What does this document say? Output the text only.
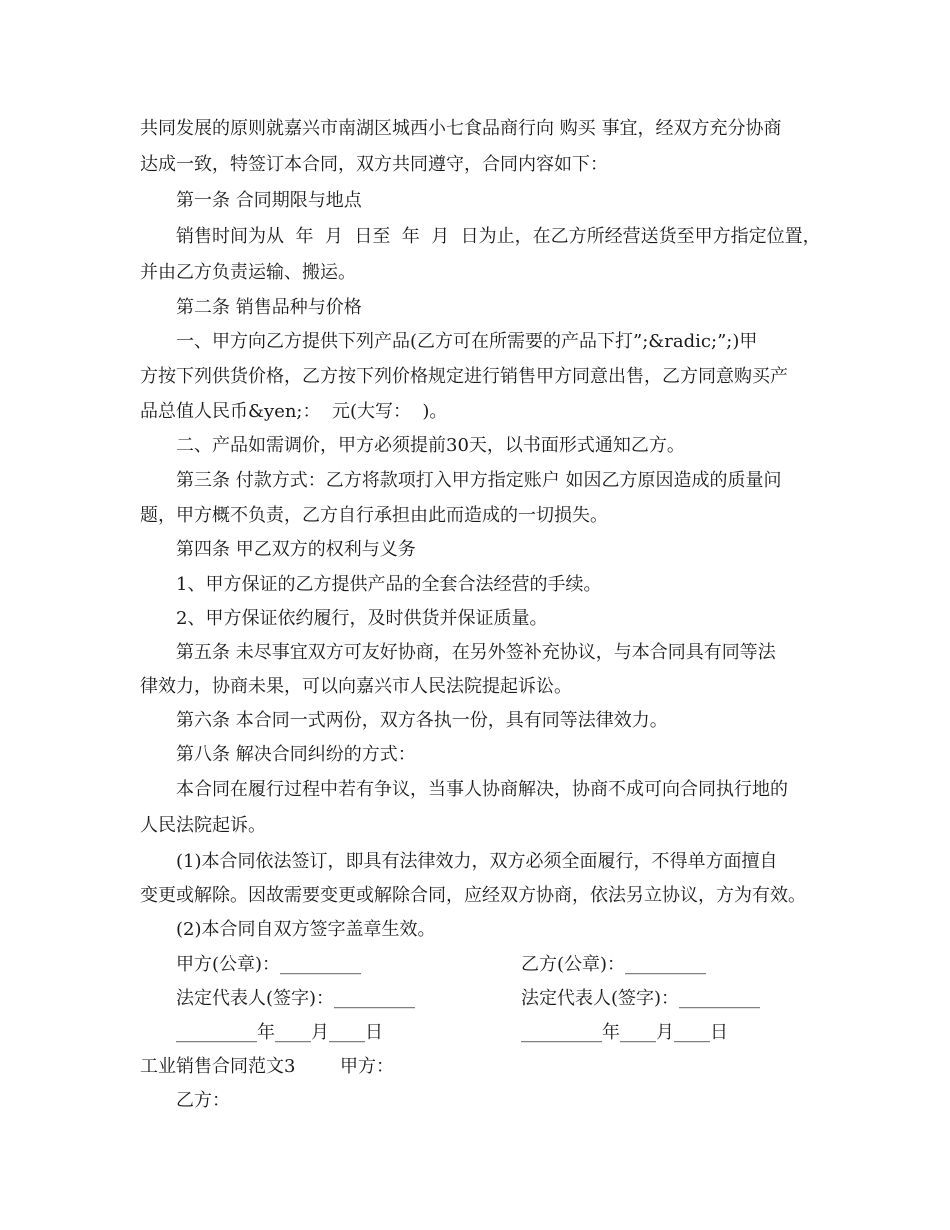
共同发展的原则就嘉兴市南湖区城西小七食品商行向 购买 事宜，经双方充分协商
达成一致，特签订本合同，双方共同遵守，合同内容如下：
第一条 合同期限与地点
销售时间为从  年  月  日至  年  月  日为止，在乙方所经营送货至甲方指定位置，
并由乙方负责运输、搬运。
第二条 销售品种与价格
一、甲方向乙方提供下列产品(乙方可在所需要的产品下打”;&radic;”;)甲
方按下列供货价格，乙方按下列价格规定进行销售甲方同意出售，乙方同意购买产
品总值人民币&yen;：  元(大写：  )。
二、产品如需调价，甲方必须提前30天，以书面形式通知乙方。
第三条 付款方式：乙方将款项打入甲方指定账户 如因乙方原因造成的质量问
题，甲方概不负责，乙方自行承担由此而造成的一切损失。
第四条 甲乙双方的权利与义务
1、甲方保证的乙方提供产品的全套合法经营的手续。
2、甲方保证依约履行，及时供货并保证质量。
第五条 未尽事宜双方可友好协商，在另外签补充协议，与本合同具有同等法
律效力，协商未果，可以向嘉兴市人民法院提起诉讼。
第六条 本合同一式两份，双方各执一份，具有同等法律效力。
第八条 解决合同纠纷的方式：
本合同在履行过程中若有争议，当事人协商解决，协商不成可向合同执行地的
人民法院起诉。
(1)本合同依法签订，即具有法律效力，双方必须全面履行，不得单方面擅自
变更或解除。因故需要变更或解除合同，应经双方协商，依法另立协议，方为有效。
(2)本合同自双方签字盖章生效。
甲方(公章)：_________	乙方(公章)：_________
法定代表人(签字)：_________	法定代表人(签字)：_________
_________年____月____日	_________年____月____日
工业销售合同范文3 甲方：
乙方：
